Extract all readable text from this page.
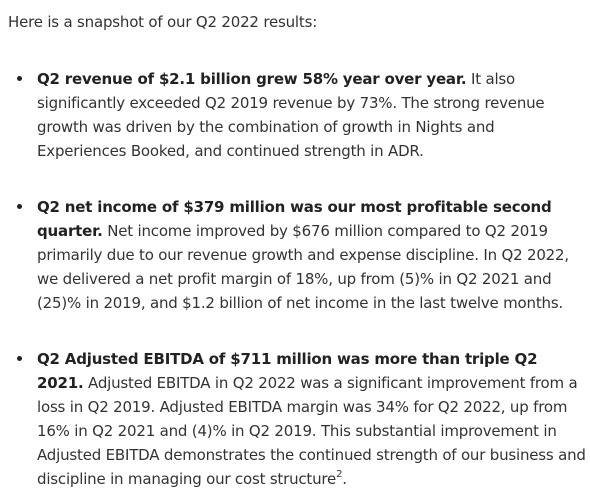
Here is a snapshot of our Q2 2022 results:

Q2 revenue of $2.1 billion grew 58% year over year. It also significantly exceeded Q2 2019 revenue by 73%. The strong revenue growth was driven by the combination of growth in Nights and Experiences Booked, and continued strength in ADR.

Q2 net income of $379 million was our most profitable second quarter. Net income improved by $676 million compared to Q2 2019 primarily due to our revenue growth and expense discipline. In Q2 2022, we delivered a net profit margin of 18%, up from (5)% in Q2 2021 and (25)% in 2019, and $1.2 billion of net income in the last twelve months.

Q2 Adjusted EBITDA of $711 million was more than triple Q2 2021. Adjusted EBITDA in Q2 2022 was a significant improvement from a loss in Q2 2019. Adjusted EBITDA margin was 34% for Q2 2022, up from 16% in Q2 2021 and (4)% in Q2 2019. This substantial improvement in Adjusted EBITDA demonstrates the continued strength of our business and discipline in managing our cost structure$^2$.
